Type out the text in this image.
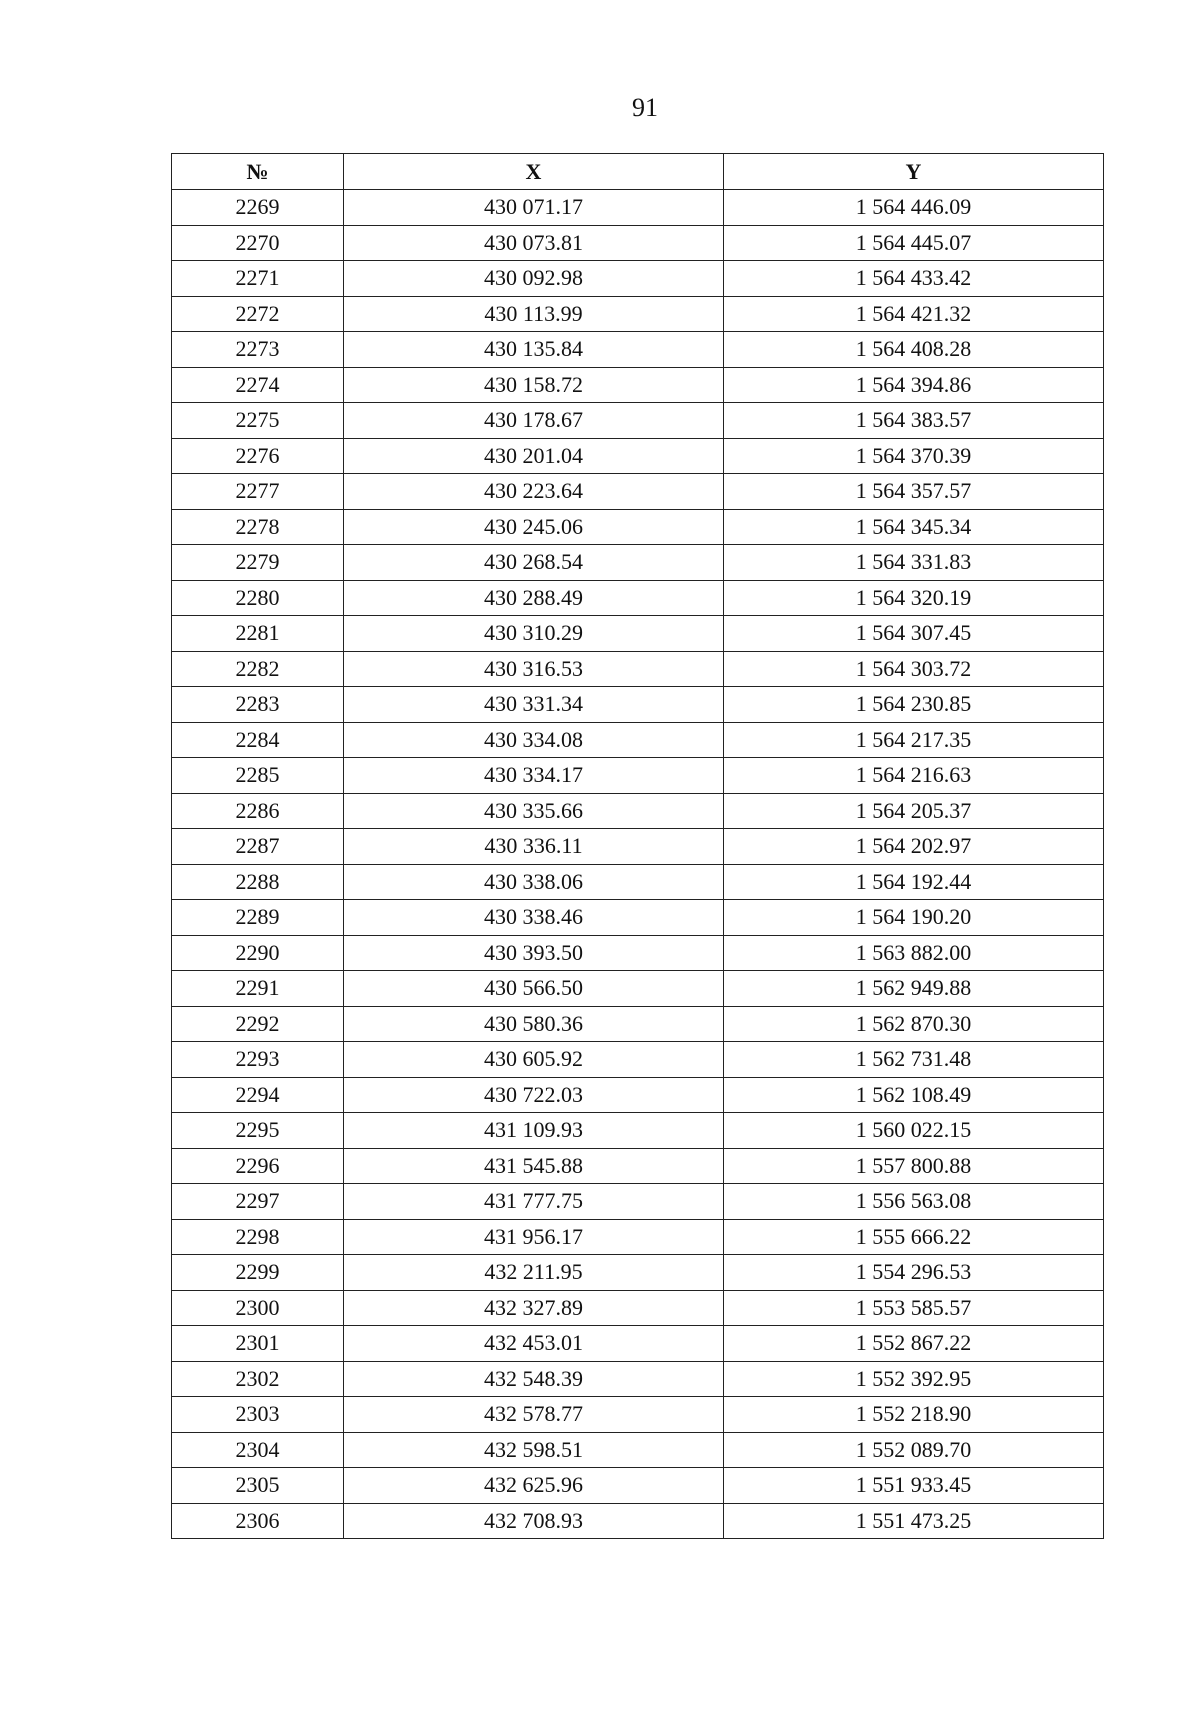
91
№	X	Y
2269	430 071.17	1 564 446.09
2270	430 073.81	1 564 445.07
2271	430 092.98	1 564 433.42
2272	430 113.99	1 564 421.32
2273	430 135.84	1 564 408.28
2274	430 158.72	1 564 394.86
2275	430 178.67	1 564 383.57
2276	430 201.04	1 564 370.39
2277	430 223.64	1 564 357.57
2278	430 245.06	1 564 345.34
2279	430 268.54	1 564 331.83
2280	430 288.49	1 564 320.19
2281	430 310.29	1 564 307.45
2282	430 316.53	1 564 303.72
2283	430 331.34	1 564 230.85
2284	430 334.08	1 564 217.35
2285	430 334.17	1 564 216.63
2286	430 335.66	1 564 205.37
2287	430 336.11	1 564 202.97
2288	430 338.06	1 564 192.44
2289	430 338.46	1 564 190.20
2290	430 393.50	1 563 882.00
2291	430 566.50	1 562 949.88
2292	430 580.36	1 562 870.30
2293	430 605.92	1 562 731.48
2294	430 722.03	1 562 108.49
2295	431 109.93	1 560 022.15
2296	431 545.88	1 557 800.88
2297	431 777.75	1 556 563.08
2298	431 956.17	1 555 666.22
2299	432 211.95	1 554 296.53
2300	432 327.89	1 553 585.57
2301	432 453.01	1 552 867.22
2302	432 548.39	1 552 392.95
2303	432 578.77	1 552 218.90
2304	432 598.51	1 552 089.70
2305	432 625.96	1 551 933.45
2306	432 708.93	1 551 473.25
